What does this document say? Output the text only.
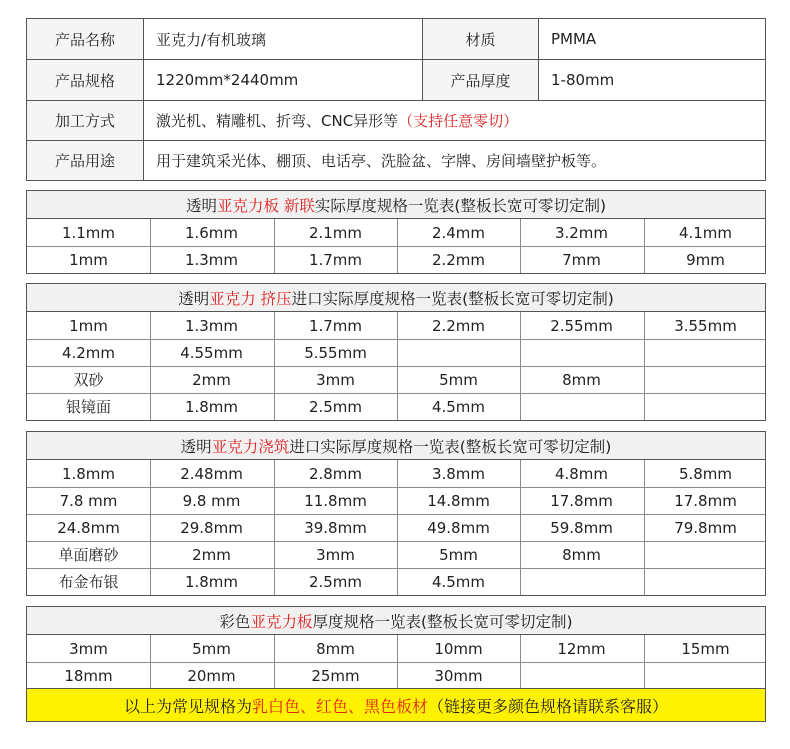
产品名称	亚克力/有机玻璃	材质	PMMA
产品规格	1220mm*2440mm	产品厚度	1-80mm
加工方式	激光机、精雕机、折弯、CNC异形等 （支持任意零切）
产品用途	用于建筑采光体、棚顶、电话亭、洗脸盆、字牌、房间墙壁护板等。
透明 亚克力板 新联 实际厚度规格一览表(整板长宽可零切定制)
1.1mm	1.6mm	2.1mm	2.4mm	3.2mm	4.1mm
1mm	1.3mm	1.7mm	2.2mm	7mm	9mm
透明 亚克力 挤压 进口实际厚度规格一览表(整板长宽可零切定制)
1mm	1.3mm	1.7mm	2.2mm	2.55mm	3.55mm
4.2mm	4.55mm	5.55mm
双砂	2mm	3mm	5mm	8mm
银镜面	1.8mm	2.5mm	4.5mm
透明 亚克力浇筑 进口实际厚度规格一览表(整板长宽可零切定制)
1.8mm	2.48mm	2.8mm	3.8mm	4.8mm	5.8mm
7.8 mm	9.8 mm	11.8mm	14.8mm	17.8mm	17.8mm
24.8mm	29.8mm	39.8mm	49.8mm	59.8mm	79.8mm
单面磨砂	2mm	3mm	5mm	8mm
布金布银	1.8mm	2.5mm	4.5mm
彩色 亚克力板 厚度规格一览表(整板长宽可零切定制)
3mm	5mm	8mm	10mm	12mm	15mm
18mm	20mm	25mm	30mm
以上为常见规格为 乳白色、红色、黑色板材 （链接更多颜色规格请联系客服）
